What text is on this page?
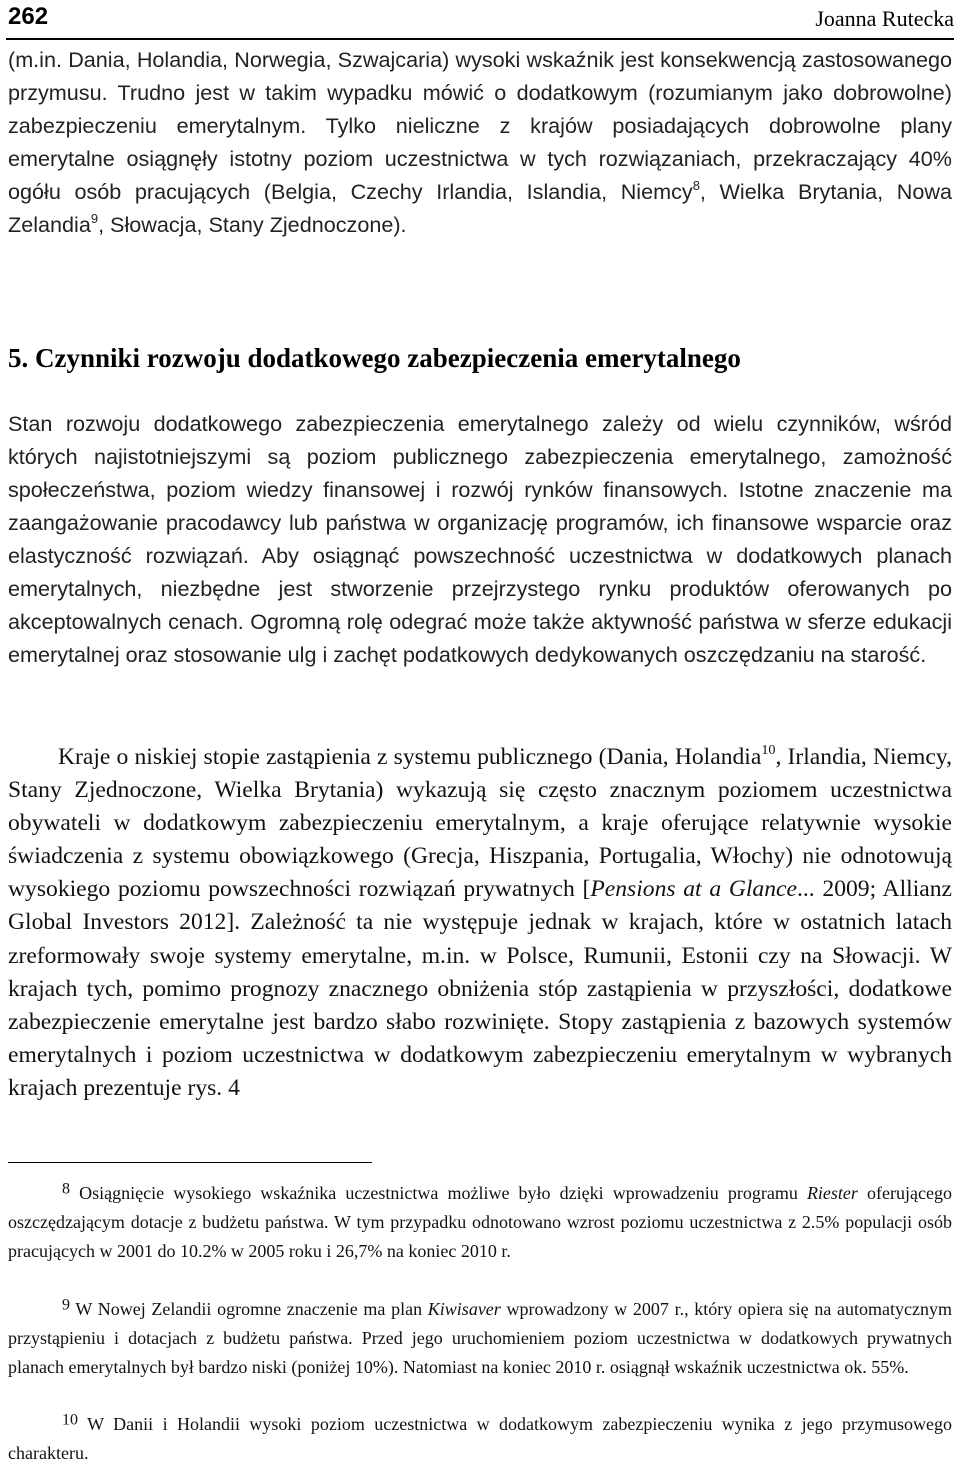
262	Joanna Rutecka

(m.in. Dania, Holandia, Norwegia, Szwajcaria) wysoki wskaźnik jest konsekwencją zastosowanego przymusu. Trudno jest w takim wypadku mówić o dodatkowym (rozumianym jako dobrowolne) zabezpieczeniu emerytalnym. Tylko nieliczne z krajów posiadających dobrowolne plany emerytalne osiągnęły istotny poziom uczestnictwa w tych rozwiązaniach, przekraczający 40% ogółu osób pracujących (Belgia, Czechy Irlandia, Islandia, Niemcy$^8$, Wielka Brytania, Nowa Zelandia$^9$, Słowacja, Stany Zjednoczone).

5. Czynniki rozwoju dodatkowego zabezpieczenia emerytalnego

Stan rozwoju dodatkowego zabezpieczenia emerytalnego zależy od wielu czynników, wśród których najistotniejszymi są poziom publicznego zabezpieczenia emerytalnego, zamożność społeczeństwa, poziom wiedzy finansowej i rozwój rynków finansowych. Istotne znaczenie ma zaangażowanie pracodawcy lub państwa w organizację programów, ich finansowe wsparcie oraz elastyczność rozwiązań. Aby osiągnąć powszechność uczestnictwa w dodatkowych planach emerytalnych, niezbędne jest stworzenie przejrzystego rynku produktów oferowanych po akceptowalnych cenach. Ogromną rolę odegrać może także aktywność państwa w sferze edukacji emerytalnej oraz stosowanie ulg i zachęt podatkowych dedykowanych oszczędzaniu na starość.

Kraje o niskiej stopie zastąpienia z systemu publicznego (Dania, Holandia$^{10}$, Irlandia, Niemcy, Stany Zjednoczone, Wielka Brytania) wykazują się często znacznym poziomem uczestnictwa obywateli w dodatkowym zabezpieczeniu emerytalnym, a kraje oferujące relatywnie wysokie świadczenia z systemu obowiązkowego (Grecja, Hiszpania, Portugalia, Włochy) nie odnotowują wysokiego poziomu powszechności rozwiązań prywatnych [Pensions at a Glance... 2009; Allianz Global Investors 2012]. Zależność ta nie występuje jednak w krajach, które w ostatnich latach zreformowały swoje systemy emerytalne, m.in. w Polsce, Rumunii, Estonii czy na Słowacji. W krajach tych, pomimo prognozy znacznego obniżenia stóp zastąpienia w przyszłości, dodatkowe zabezpieczenie emerytalne jest bardzo słabo rozwinięte. Stopy zastąpienia z bazowych systemów emerytalnych i poziom uczestnictwa w dodatkowym zabezpieczeniu emerytalnym w wybranych krajach prezentuje rys. 4

8 Osiągnięcie wysokiego wskaźnika uczestnictwa możliwe było dzięki wprowadzeniu programu Riester oferującego oszczędzającym dotacje z budżetu państwa. W tym przypadku odnotowano wzrost poziomu uczestnictwa z 2.5% populacji osób pracujących w 2001 do 10.2% w 2005 roku i 26,7% na koniec 2010 r.

9 W Nowej Zelandii ogromne znaczenie ma plan Kiwisaver wprowadzony w 2007 r., który opiera się na automatycznym przystąpieniu i dotacjach z budżetu państwa. Przed jego uruchomieniem poziom uczestnictwa w dodatkowych prywatnych planach emerytalnych był bardzo niski (poniżej 10%). Natomiast na koniec 2010 r. osiągnął wskaźnik uczestnictwa ok. 55%.

10 W Danii i Holandii wysoki poziom uczestnictwa w dodatkowym zabezpieczeniu wynika z jego przymusowego charakteru.
